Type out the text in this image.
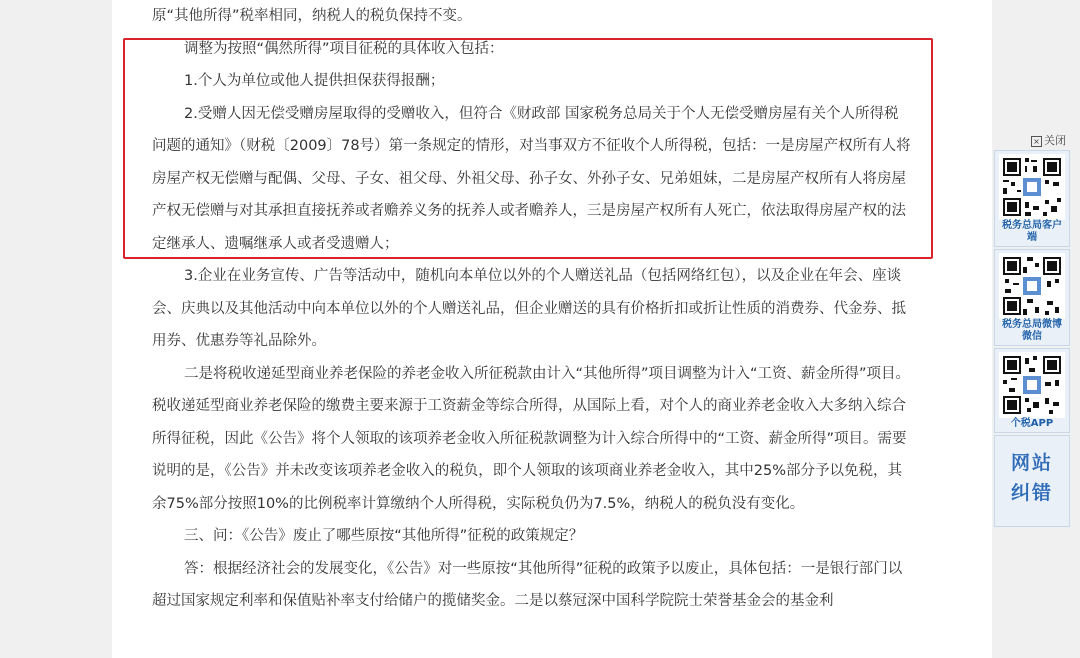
原“其他所得”税率相同，纳税人的税负保持不变。

调整为按照“偶然所得”项目征税的具体收入包括：

1.个人为单位或他人提供担保获得报酬；

2.受赠人因无偿受赠房屋取得的受赠收入，但符合《财政部 国家税务总局关于个人无偿受赠房屋有关个人所得税问题的通知》（财税〔2009〕78号）第一条规定的情形，对当事双方不征收个人所得税，包括：一是房屋产权所有人将房屋产权无偿赠与配偶、父母、子女、祖父母、外祖父母、孙子女、外孙子女、兄弟姐妹，二是房屋产权所有人将房屋产权无偿赠与对其承担直接抚养或者赡养义务的抚养人或者赡养人，三是房屋产权所有人死亡，依法取得房屋产权的法定继承人、遗嘱继承人或者受遗赠人；

3.企业在业务宣传、广告等活动中，随机向本单位以外的个人赠送礼品（包括网络红包），以及企业在年会、座谈会、庆典以及其他活动中向本单位以外的个人赠送礼品，但企业赠送的具有价格折扣或折让性质的消费券、代金券、抵用券、优惠券等礼品除外。

二是将税收递延型商业养老保险的养老金收入所征税款由计入“其他所得”项目调整为计入“工资、薪金所得”项目。税收递延型商业养老保险的缴费主要来源于工资薪金等综合所得，从国际上看，对个人的商业养老金收入大多纳入综合所得征税，因此《公告》将个人领取的该项养老金收入所征税款调整为计入综合所得中的“工资、薪金所得”项目。需要说明的是，《公告》并未改变该项养老金收入的税负，即个人领取的该项商业养老金收入，其中25%部分予以免税，其余75%部分按照10%的比例税率计算缴纳个人所得税，实际税负仍为7.5%，纳税人的税负没有变化。

三、问：《公告》废止了哪些原按“其他所得”征税的政策规定？

答：根据经济社会的发展变化，《公告》对一些原按“其他所得”征税的政策予以废止，具体包括：一是银行部门以超过国家规定利率和保值贴补率支付给储户的揽储奖金。二是以蔡冠深中国科学院院士荣誉基金会的基金利

× 关闭
税务总局客户端
税务总局微博微信
个税APP
网站
纠错
